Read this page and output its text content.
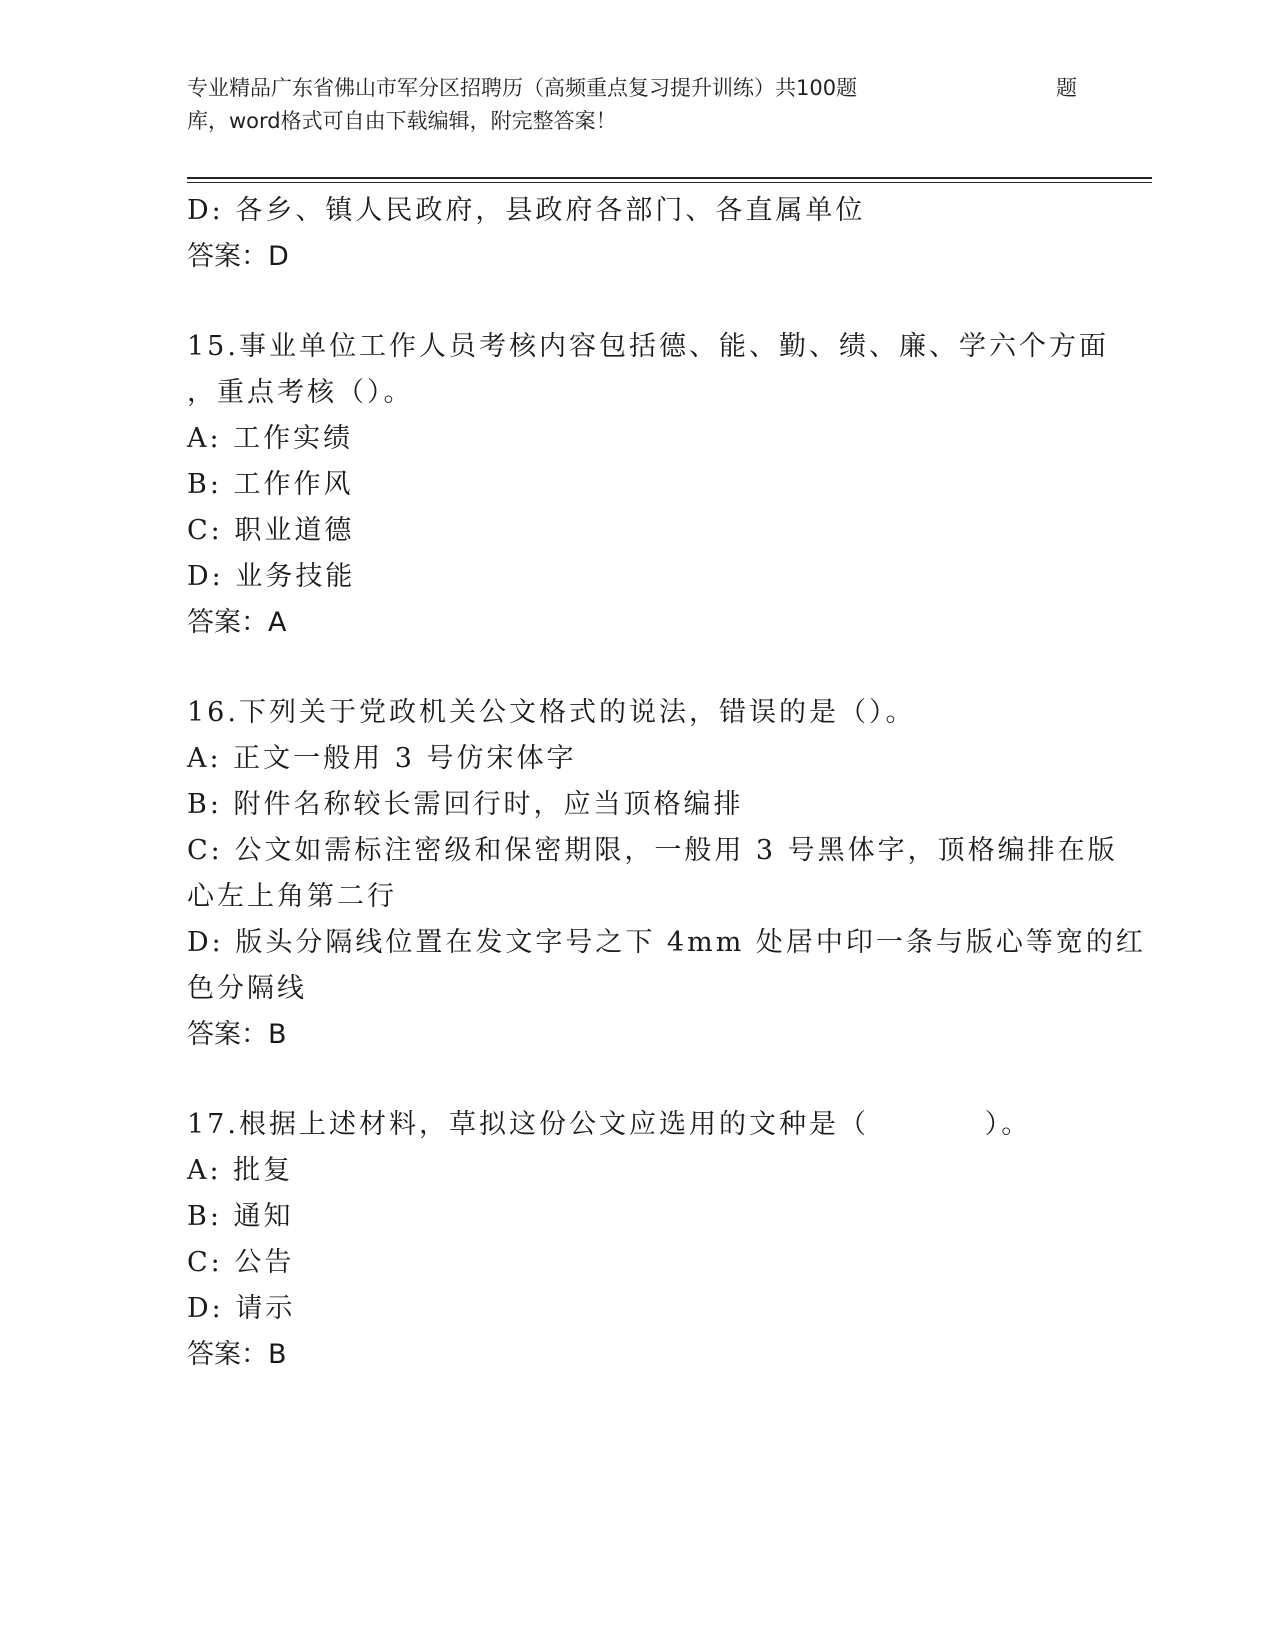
专业精品广东省佛山市军分区招聘历（高频重点复习提升训练）共100题	题
库，word格式可自由下载编辑，附完整答案！
D: 各乡、镇人民政府，县政府各部门、各直属单位
答案：D
15.事业单位工作人员考核内容包括德、能、勤、绩、廉、学六个方面
，重点考核（）。
A: 工作实绩
B: 工作作风
C: 职业道德
D: 业务技能
答案：A
16.下列关于党政机关公文格式的说法，错误的是（）。
A: 正文一般用 3 号仿宋体字
B: 附件名称较长需回行时，应当顶格编排
C: 公文如需标注密级和保密期限，一般用 3 号黑体字，顶格编排在版
心左上角第二行
D: 版头分隔线位置在发文字号之下 4mm 处居中印一条与版心等宽的红
色分隔线
答案：B
17.根据上述材料，草拟这份公文应选用的文种是（          ）。
A: 批复
B: 通知
C: 公告
D: 请示
答案：B
